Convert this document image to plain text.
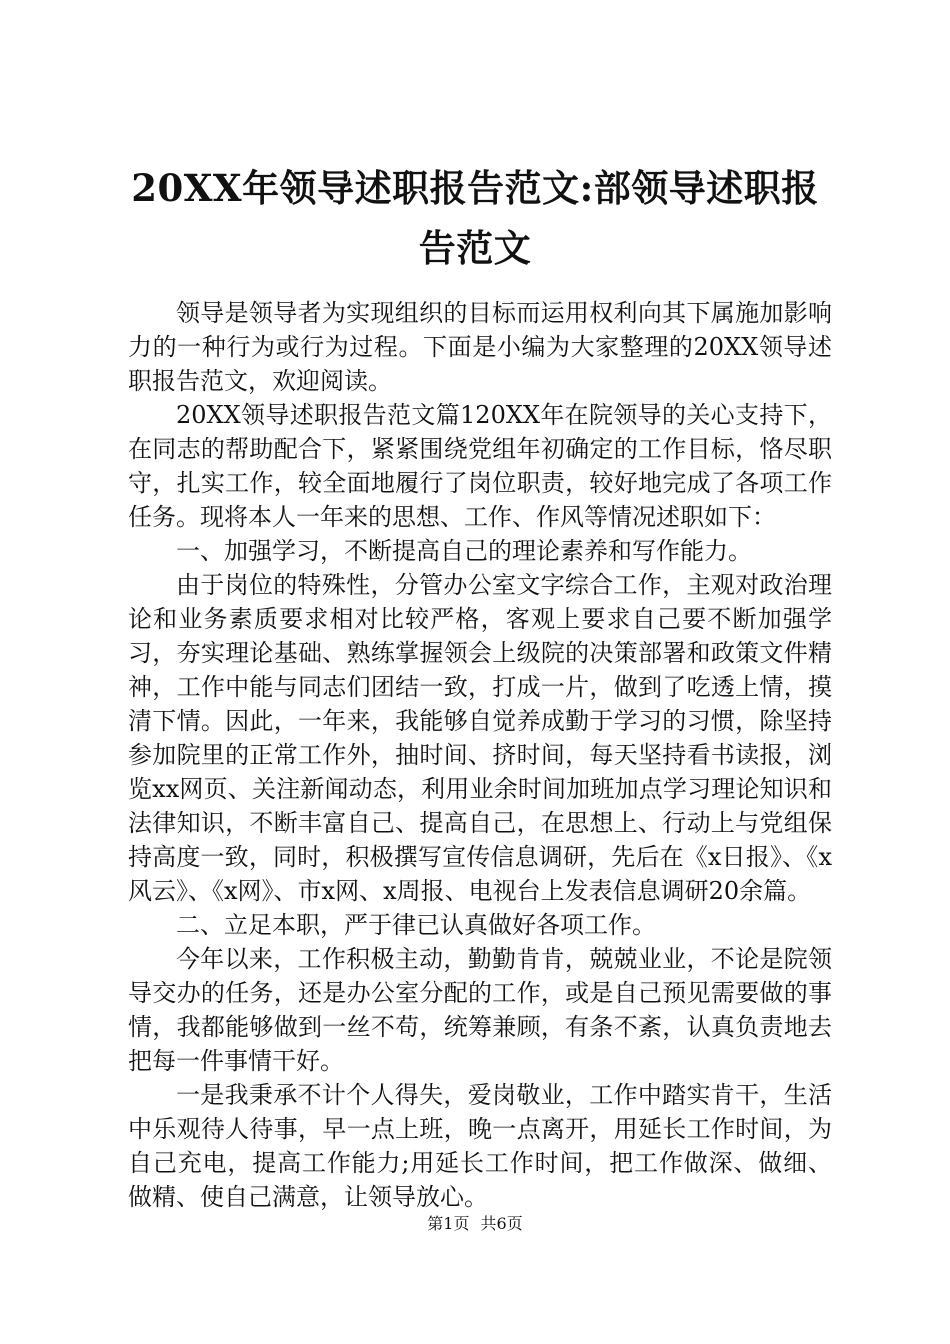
20XX年领导述职报告范文:部领导述职报告范文

领导是领导者为实现组织的目标而运用权利向其下属施加影响力的一种行为或行为过程。下面是小编为大家整理的20XX领导述职报告范文，欢迎阅读。

20XX领导述职报告范文篇120XX年在院领导的关心支持下，在同志的帮助配合下，紧紧围绕党组年初确定的工作目标，恪尽职守，扎实工作，较全面地履行了岗位职责，较好地完成了各项工作任务。现将本人一年来的思想、工作、作风等情况述职如下：

一、加强学习，不断提高自己的理论素养和写作能力。

由于岗位的特殊性，分管办公室文字综合工作，主观对政治理论和业务素质要求相对比较严格，客观上要求自己要不断加强学习，夯实理论基础、熟练掌握领会上级院的决策部署和政策文件精神，工作中能与同志们团结一致，打成一片，做到了吃透上情，摸清下情。因此，一年来，我能够自觉养成勤于学习的习惯，除坚持参加院里的正常工作外，抽时间、挤时间，每天坚持看书读报，浏览xx网页、关注新闻动态，利用业余时间加班加点学习理论知识和法律知识，不断丰富自己、提高自己，在思想上、行动上与党组保持高度一致，同时，积极撰写宣传信息调研，先后在《x日报》、《x风云》、《x网》、市x网、x周报、电视台上发表信息调研20余篇。

二、立足本职，严于律已认真做好各项工作。

今年以来，工作积极主动，勤勤肯肯，兢兢业业，不论是院领导交办的任务，还是办公室分配的工作，或是自己预见需要做的事情，我都能够做到一丝不苟，统筹兼顾，有条不紊，认真负责地去把每一件事情干好。

一是我秉承不计个人得失，爱岗敬业，工作中踏实肯干，生活中乐观待人待事，早一点上班，晚一点离开，用延长工作时间，为自己充电，提高工作能力;用延长工作时间，把工作做深、做细、做精、使自己满意，让领导放心。

第1页 共6页
